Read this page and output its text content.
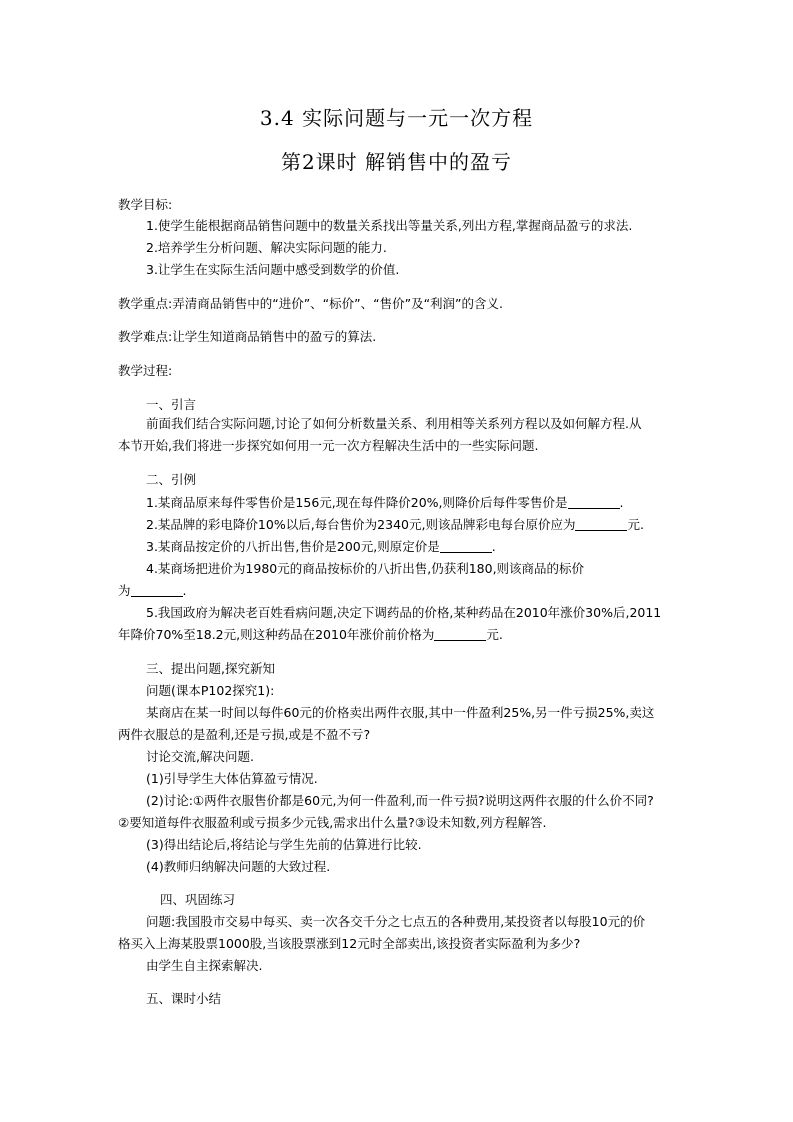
3.4 实际问题与一元一次方程
第2课时 解销售中的盈亏
教学目标:
1.使学生能根据商品销售问题中的数量关系找出等量关系,列出方程,掌握商品盈亏的求法.
2.培养学生分析问题、解决实际问题的能力.
3.让学生在实际生活问题中感受到数学的价值.
教学重点:弄清商品销售中的“进价”、“标价”、“售价”及“利润”的含义.
教学难点:让学生知道商品销售中的盈亏的算法.
教学过程:
一、引言
前面我们结合实际问题,讨论了如何分析数量关系、利用相等关系列方程以及如何解方程.从
本节开始,我们将进一步探究如何用一元一次方程解决生活中的一些实际问题.
二、引例
1.某商品原来每件零售价是156元,现在每件降价20%,则降价后每件零售价是	.
2.某品牌的彩电降价10%以后,每台售价为2340元,则该品牌彩电每台原价应为	元.
3.某商品按定价的八折出售,售价是200元,则原定价是	.
4.某商场把进价为1980元的商品按标价的八折出售,仍获利180,则该商品的标价
为	.
5.我国政府为解决老百姓看病问题,决定下调药品的价格,某种药品在2010年涨价30%后,2011
年降价70%至18.2元,则这种药品在2010年涨价前价格为	元.
三、提出问题,探究新知
问题(课本P102探究1):
某商店在某一时间以每件60元的价格卖出两件衣服,其中一件盈利25%,另一件亏损25%,卖这
两件衣服总的是盈利,还是亏损,或是不盈不亏?
讨论交流,解决问题.
(1)引导学生大体估算盈亏情况.
(2)讨论:①两件衣服售价都是60元,为何一件盈利,而一件亏损?说明这两件衣服的什么价不同?
②要知道每件衣服盈利或亏损多少元钱,需求出什么量?③设未知数,列方程解答.
(3)得出结论后,将结论与学生先前的估算进行比较.
(4)教师归纳解决问题的大致过程.
四、巩固练习
问题:我国股市交易中每买、卖一次各交千分之七点五的各种费用,某投资者以每股10元的价
格买入上海某股票1000股,当该股票涨到12元时全部卖出,该投资者实际盈利为多少?
由学生自主探索解决.
五、课时小结
